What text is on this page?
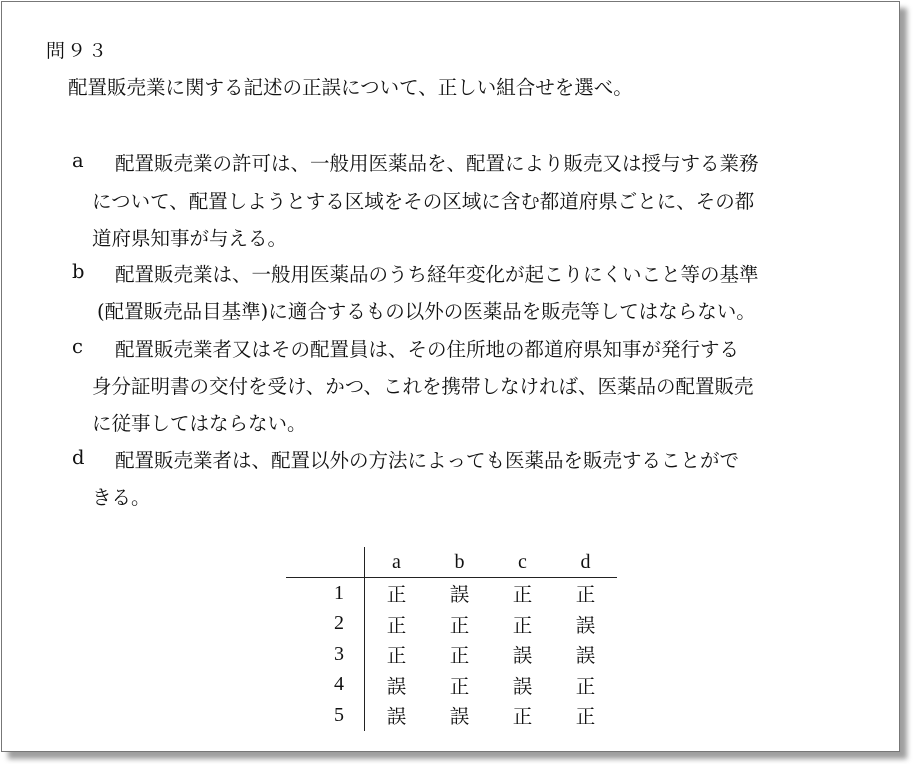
問９３
配置販売業に関する記述の正誤について、正しい組合せを選べ。
a 配置販売業の許可は、一般用医薬品を、配置により販売又は授与する業務
について、配置しようとする区域をその区域に含む都道府県ごとに、その都
道府県知事が与える。
b 配置販売業は、一般用医薬品のうち経年変化が起こりにくいこと等の基準
(配置販売品目基準)に適合するもの以外の医薬品を販売等してはならない。
c 配置販売業者又はその配置員は、その住所地の都道府県知事が発行する
身分証明書の交付を受け、かつ、これを携帯しなければ、医薬品の配置販売
に従事してはならない。
d 配置販売業者は、配置以外の方法によっても医薬品を販売することがで
きる。
	a	b	c	d
1	正	誤	正	正
2	正	正	正	誤
3	正	正	誤	誤
4	誤	正	誤	正
5	誤	誤	正	正
